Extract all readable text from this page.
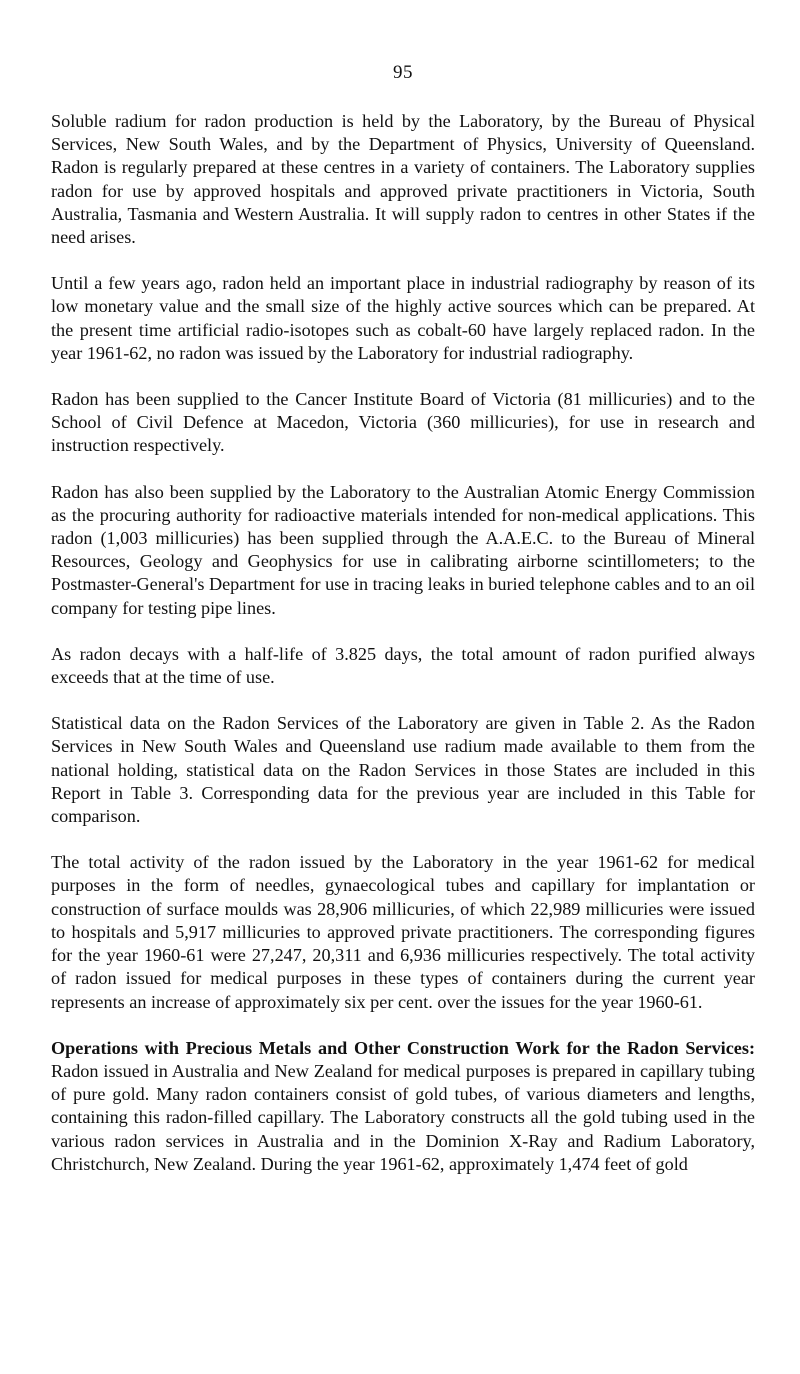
95

Soluble radium for radon production is held by the Laboratory, by the Bureau of Physical Services, New South Wales, and by the Department of Physics, University of Queensland. Radon is regularly prepared at these centres in a variety of containers. The Laboratory supplies radon for use by approved hospitals and approved private practitioners in Victoria, South Australia, Tasmania and Western Australia. It will supply radon to centres in other States if the need arises.

Until a few years ago, radon held an important place in industrial radiography by reason of its low monetary value and the small size of the highly active sources which can be prepared. At the present time artificial radio-isotopes such as cobalt-60 have largely replaced radon. In the year 1961-62, no radon was issued by the Laboratory for industrial radiography.

Radon has been supplied to the Cancer Institute Board of Victoria (81 millicuries) and to the School of Civil Defence at Macedon, Victoria (360 millicuries), for use in research and instruction respectively.

Radon has also been supplied by the Laboratory to the Australian Atomic Energy Commission as the procuring authority for radioactive materials intended for non-medical applications. This radon (1,003 millicuries) has been supplied through the A.A.E.C. to the Bureau of Mineral Resources, Geology and Geophysics for use in calibrating airborne scintillometers; to the Postmaster-General's Department for use in tracing leaks in buried telephone cables and to an oil company for testing pipe lines.

As radon decays with a half-life of 3.825 days, the total amount of radon purified always exceeds that at the time of use.

Statistical data on the Radon Services of the Laboratory are given in Table 2. As the Radon Services in New South Wales and Queensland use radium made available to them from the national holding, statistical data on the Radon Services in those States are included in this Report in Table 3. Corresponding data for the previous year are included in this Table for comparison.

The total activity of the radon issued by the Laboratory in the year 1961-62 for medical purposes in the form of needles, gynaecological tubes and capillary for implantation or construction of surface moulds was 28,906 millicuries, of which 22,989 millicuries were issued to hospitals and 5,917 millicuries to approved private practitioners. The corresponding figures for the year 1960-61 were 27,247, 20,311 and 6,936 millicuries respectively. The total activity of radon issued for medical purposes in these types of containers during the current year represents an increase of approximately six per cent. over the issues for the year 1960-61.

Operations with Precious Metals and Other Construction Work for the Radon Services: Radon issued in Australia and New Zealand for medical purposes is prepared in capillary tubing of pure gold. Many radon containers consist of gold tubes, of various diameters and lengths, containing this radon-filled capillary. The Laboratory constructs all the gold tubing used in the various radon services in Australia and in the Dominion X-Ray and Radium Laboratory, Christchurch, New Zealand. During the year 1961-62, approximately 1,474 feet of gold
